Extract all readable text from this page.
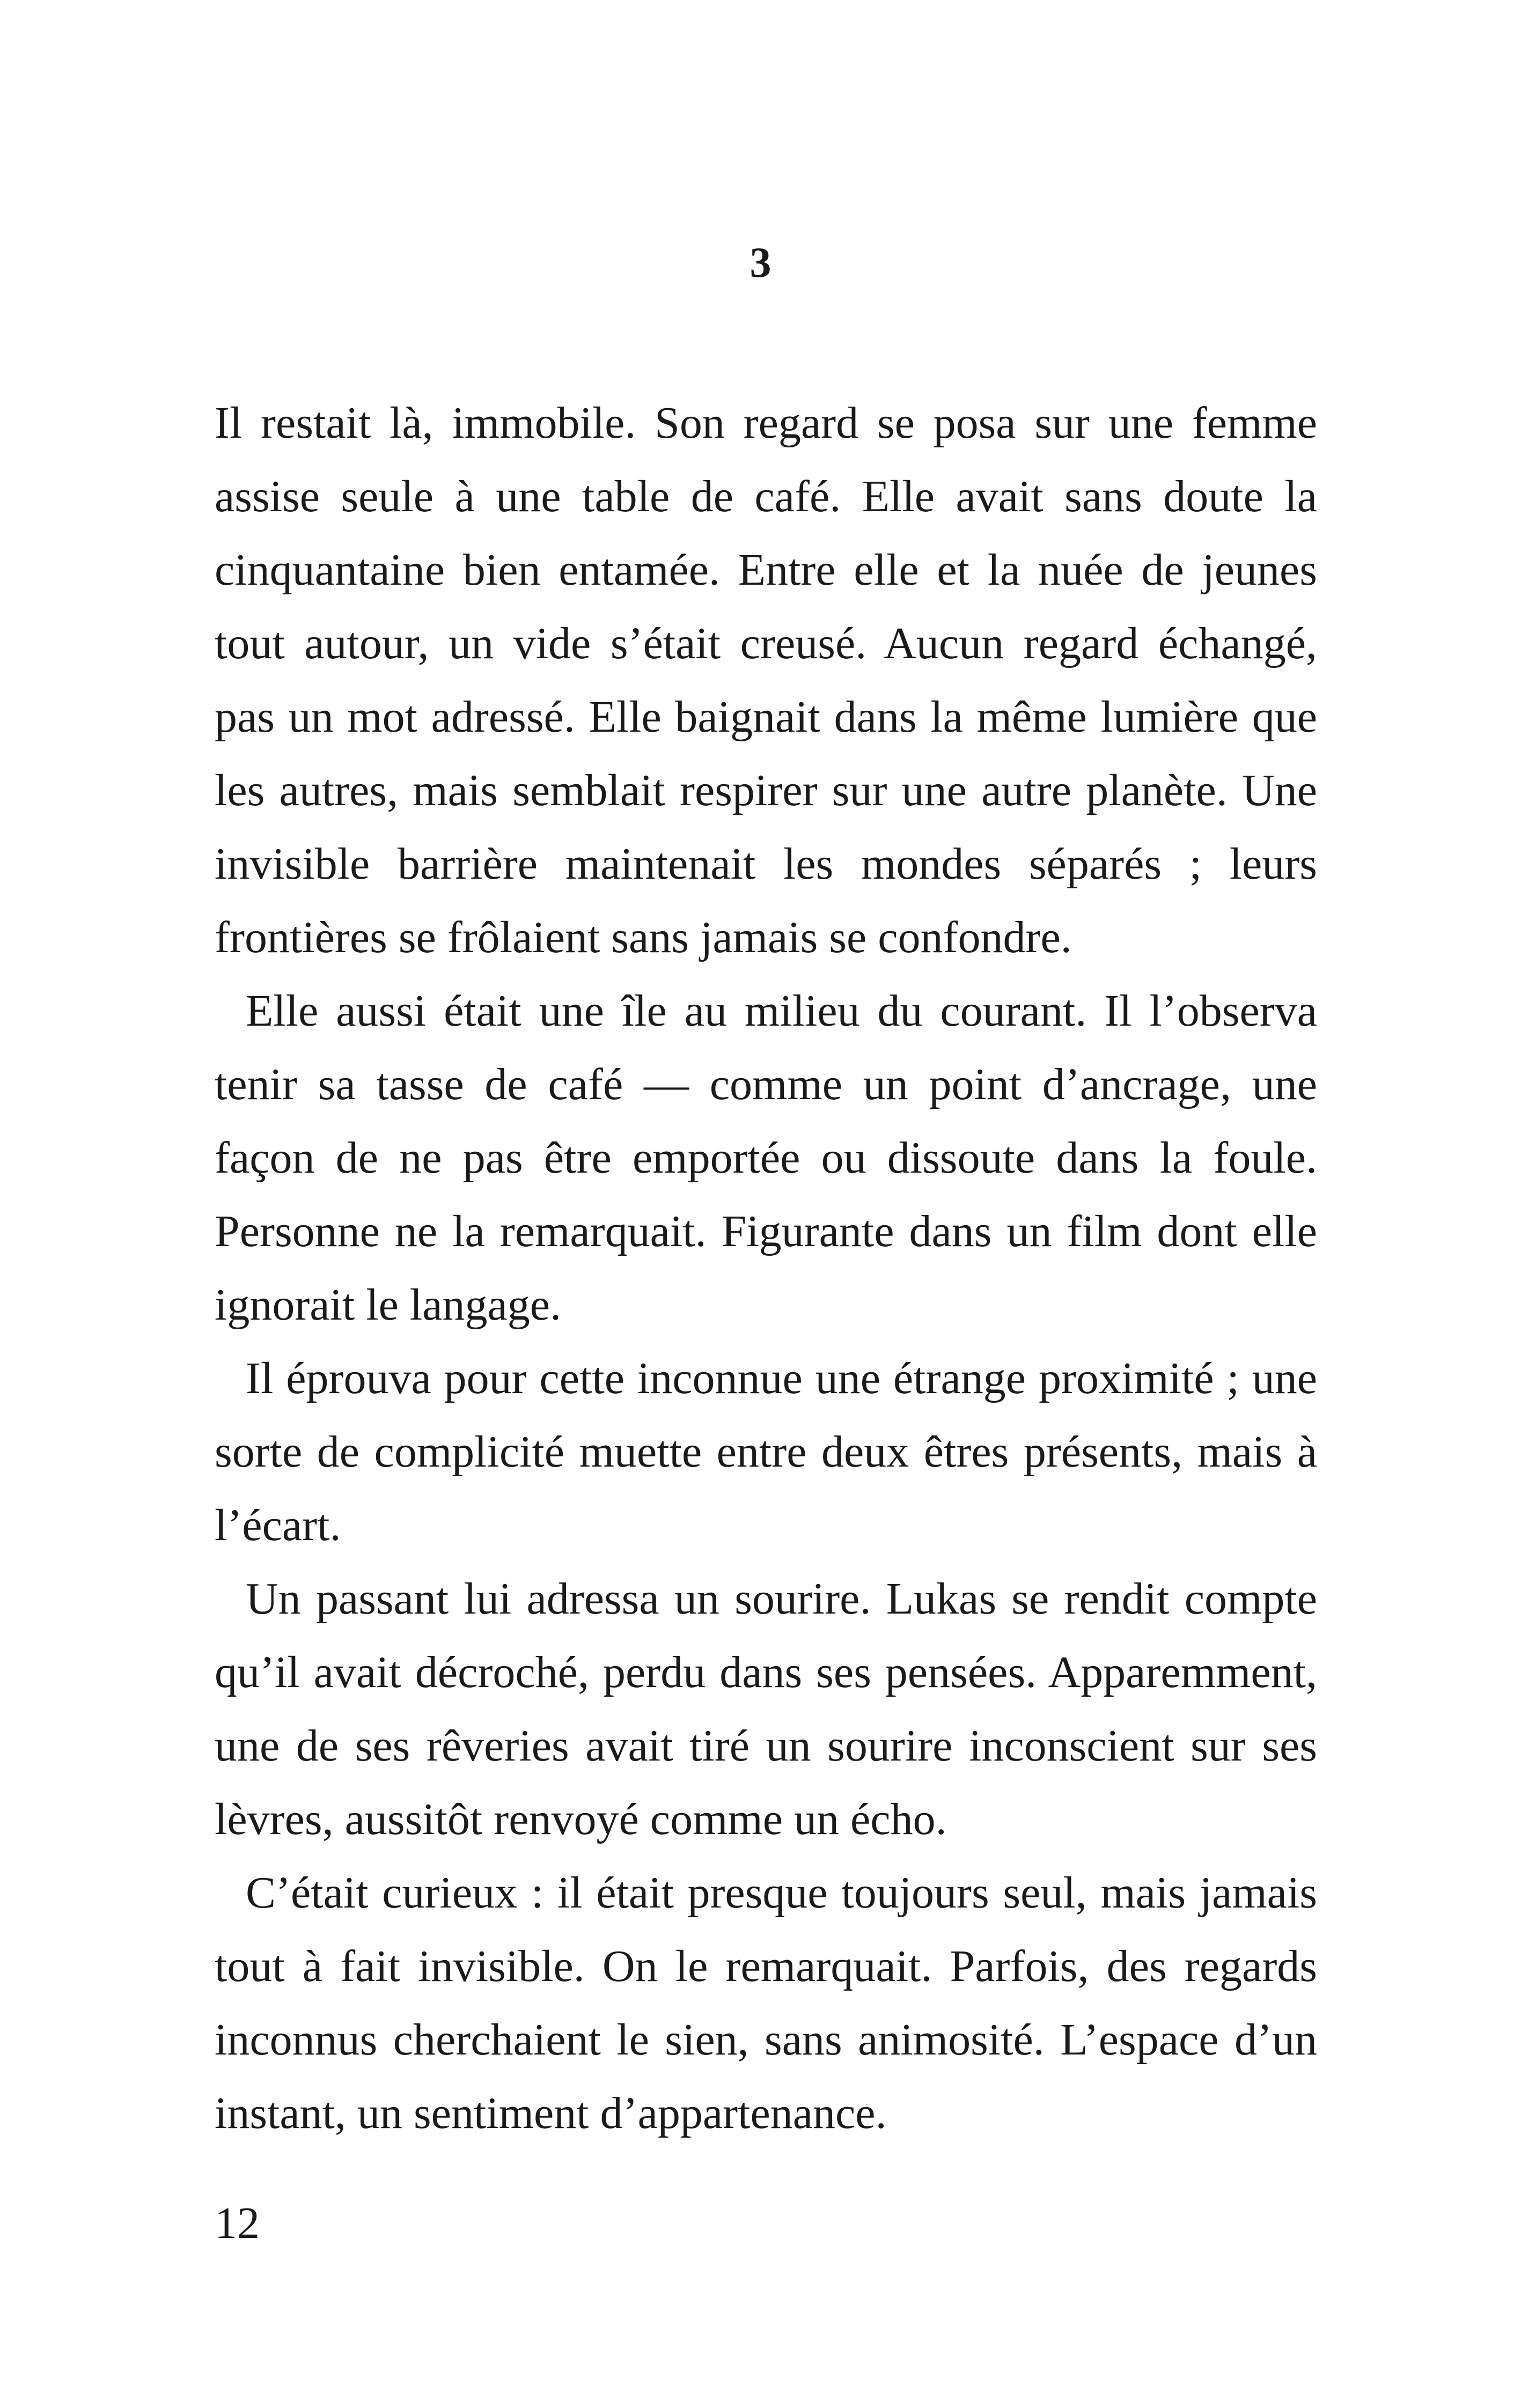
3

Il restait là, immobile. Son regard se posa sur une femme assise seule à une table de café. Elle avait sans doute la cinquantaine bien entamée. Entre elle et la nuée de jeunes tout autour, un vide s’était creusé. Aucun regard échangé, pas un mot adressé. Elle baignait dans la même lumière que les autres, mais semblait respirer sur une autre planète. Une invisible barrière maintenait les mondes séparés ; leurs frontières se frôlaient sans jamais se confondre.

Elle aussi était une île au milieu du courant. Il l’observa tenir sa tasse de café — comme un point d’ancrage, une façon de ne pas être emportée ou dissoute dans la foule. Personne ne la remarquait. Figurante dans un film dont elle ignorait le langage.

Il éprouva pour cette inconnue une étrange proximité ; une sorte de complicité muette entre deux êtres présents, mais à l’écart.

Un passant lui adressa un sourire. Lukas se rendit compte qu’il avait décroché, perdu dans ses pensées. Apparemment, une de ses rêveries avait tiré un sourire inconscient sur ses lèvres, aussitôt renvoyé comme un écho.

C’était curieux : il était presque toujours seul, mais jamais tout à fait invisible. On le remarquait. Parfois, des regards inconnus cherchaient le sien, sans animosité. L’espace d’un instant, un sentiment d’appartenance.

12
